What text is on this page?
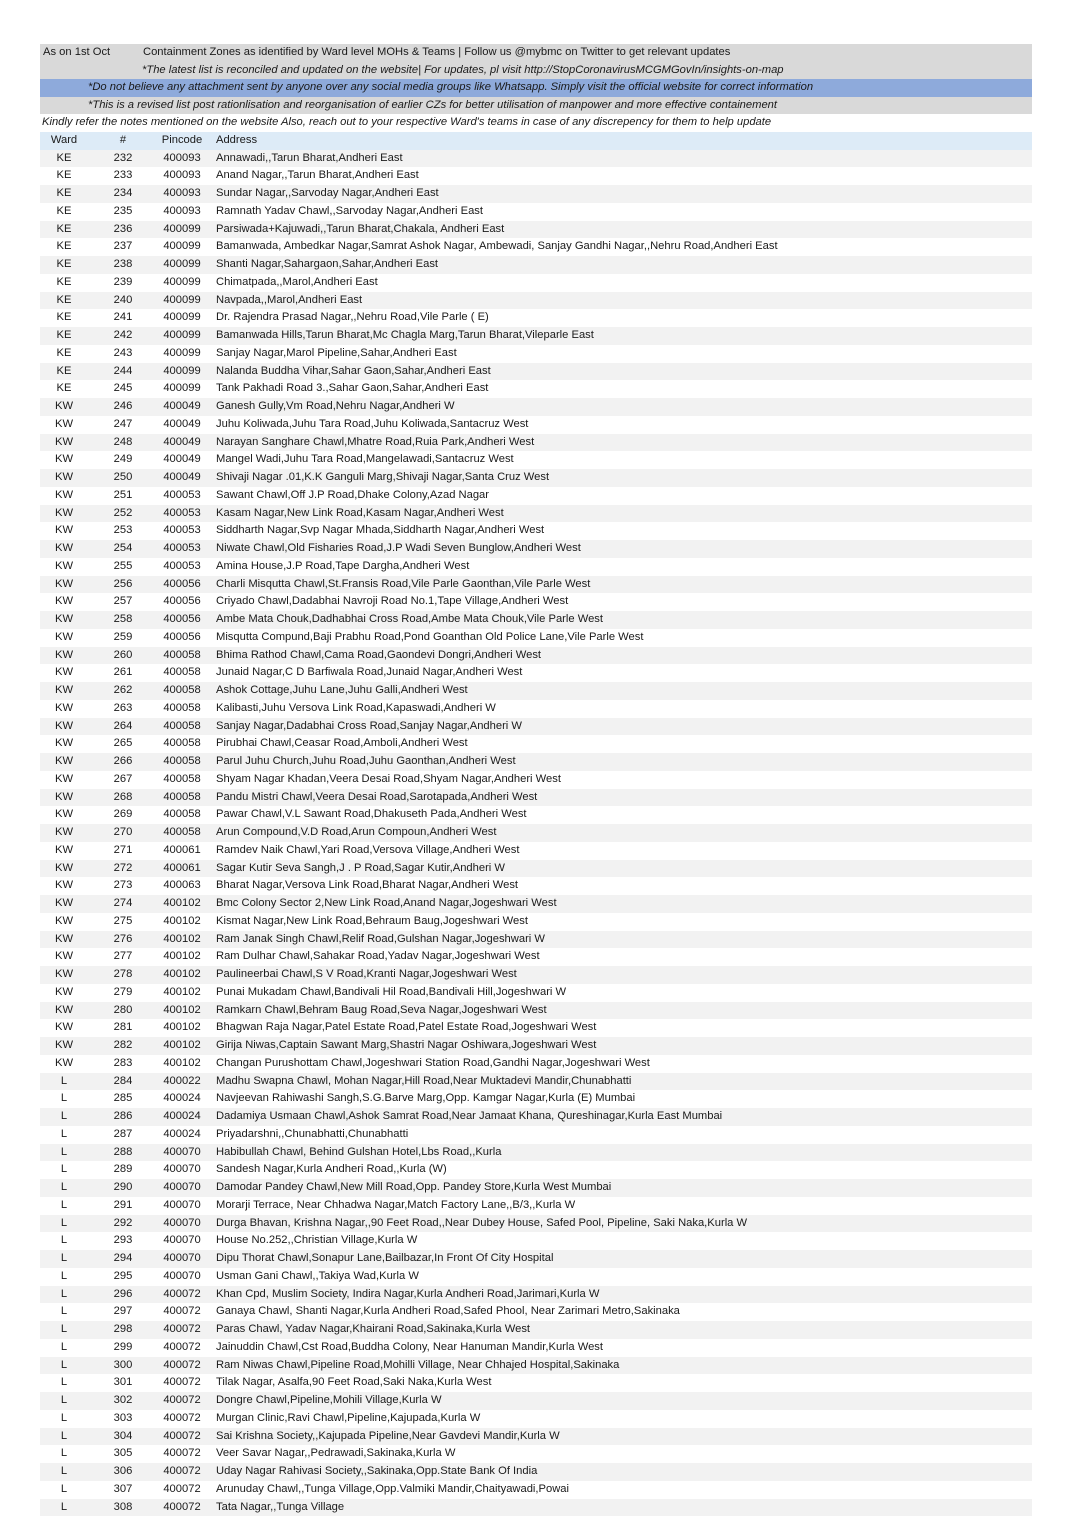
As on 1st Oct	Containment Zones as identified by Ward level MOHs & Teams | Follow us @mybmc on Twitter to get relevant updates
*The latest list is reconciled and updated on the website| For updates, pl visit http://StopCoronavirusMCGMGovIn/insights-on-map
*Do not believe any attachment sent by anyone over any social media groups like Whatsapp. Simply visit the official website for correct information
*This is a revised list post rationlisation and reorganisation of earlier CZs for better utilisation of manpower and more effective containement
Kindly refer the notes mentioned on the website Also, reach out to your respective Ward's teams in case of any discrepency for them to help update
Ward	#	Pincode	Address
KE	232	400093	Annawadi,,Tarun Bharat,Andheri East
KE	233	400093	Anand Nagar,,Tarun Bharat,Andheri East
KE	234	400093	Sundar Nagar,,Sarvoday Nagar,Andheri East
KE	235	400093	Ramnath Yadav Chawl,,Sarvoday Nagar,Andheri East
KE	236	400099	Parsiwada+Kajuwadi,,Tarun Bharat,Chakala, Andheri East
KE	237	400099	Bamanwada, Ambedkar Nagar,Samrat Ashok Nagar, Ambewadi, Sanjay Gandhi Nagar,,Nehru Road,Andheri East
KE	238	400099	Shanti Nagar,Sahargaon,Sahar,Andheri East
KE	239	400099	Chimatpada,,Marol,Andheri East
KE	240	400099	Navpada,,Marol,Andheri East
KE	241	400099	Dr. Rajendra Prasad Nagar,,Nehru Road,Vile Parle ( E)
KE	242	400099	Bamanwada Hills,Tarun Bharat,Mc Chagla Marg,Tarun Bharat,Vileparle East
KE	243	400099	Sanjay Nagar,Marol Pipeline,Sahar,Andheri East
KE	244	400099	Nalanda Buddha Vihar,Sahar Gaon,Sahar,Andheri East
KE	245	400099	Tank Pakhadi Road 3.,Sahar Gaon,Sahar,Andheri East
KW	246	400049	Ganesh Gully,Vm Road,Nehru Nagar,Andheri W
KW	247	400049	Juhu Koliwada,Juhu Tara Road,Juhu Koliwada,Santacruz West
KW	248	400049	Narayan Sanghare Chawl,Mhatre Road,Ruia Park,Andheri West
KW	249	400049	Mangel Wadi,Juhu Tara Road,Mangelawadi,Santacruz West
KW	250	400049	Shivaji Nagar .01,K.K Ganguli Marg,Shivaji Nagar,Santa Cruz West
KW	251	400053	Sawant Chawl,Off J.P Road,Dhake Colony,Azad Nagar
KW	252	400053	Kasam Nagar,New Link Road,Kasam Nagar,Andheri West
KW	253	400053	Siddharth Nagar,Svp Nagar Mhada,Siddharth Nagar,Andheri West
KW	254	400053	Niwate Chawl,Old Fisharies Road,J.P Wadi Seven Bunglow,Andheri West
KW	255	400053	Amina House,J.P Road,Tape Dargha,Andheri West
KW	256	400056	Charli Misqutta Chawl,St.Fransis Road,Vile Parle Gaonthan,Vile Parle West
KW	257	400056	Criyado Chawl,Dadabhai Navroji Road No.1,Tape Village,Andheri West
KW	258	400056	Ambe Mata Chouk,Dadhabhai Cross Road,Ambe Mata Chouk,Vile Parle West
KW	259	400056	Misqutta Compund,Baji Prabhu Road,Pond Goanthan Old Police Lane,Vile Parle West
KW	260	400058	Bhima Rathod Chawl,Cama Road,Gaondevi Dongri,Andheri West
KW	261	400058	Junaid Nagar,C D Barfiwala Road,Junaid Nagar,Andheri West
KW	262	400058	Ashok Cottage,Juhu Lane,Juhu Galli,Andheri West
KW	263	400058	Kalibasti,Juhu Versova Link Road,Kapaswadi,Andheri W
KW	264	400058	Sanjay Nagar,Dadabhai Cross Road,Sanjay Nagar,Andheri W
KW	265	400058	Pirubhai Chawl,Ceasar Road,Amboli,Andheri West
KW	266	400058	Parul Juhu Church,Juhu Road,Juhu Gaonthan,Andheri West
KW	267	400058	Shyam Nagar Khadan,Veera Desai Road,Shyam Nagar,Andheri West
KW	268	400058	Pandu Mistri Chawl,Veera Desai Road,Sarotapada,Andheri West
KW	269	400058	Pawar Chawl,V.L Sawant Road,Dhakuseth Pada,Andheri West
KW	270	400058	Arun Compound,V.D Road,Arun Compoun,Andheri West
KW	271	400061	Ramdev Naik Chawl,Yari Road,Versova Village,Andheri West
KW	272	400061	Sagar Kutir Seva Sangh,J . P Road,Sagar Kutir,Andheri W
KW	273	400063	Bharat Nagar,Versova Link Road,Bharat Nagar,Andheri West
KW	274	400102	Bmc Colony Sector 2,New Link Road,Anand Nagar,Jogeshwari West
KW	275	400102	Kismat Nagar,New Link Road,Behraum Baug,Jogeshwari West
KW	276	400102	Ram Janak Singh Chawl,Relif Road,Gulshan Nagar,Jogeshwari W
KW	277	400102	Ram Dulhar Chawl,Sahakar Road,Yadav Nagar,Jogeshwari West
KW	278	400102	Paulineerbai Chawl,S V Road,Kranti Nagar,Jogeshwari West
KW	279	400102	Punai Mukadam Chawl,Bandivali Hil Road,Bandivali Hill,Jogeshwari W
KW	280	400102	Ramkarn Chawl,Behram Baug Road,Seva Nagar,Jogeshwari West
KW	281	400102	Bhagwan Raja Nagar,Patel Estate Road,Patel Estate Road,Jogeshwari West
KW	282	400102	Girija Niwas,Captain Sawant Marg,Shastri Nagar Oshiwara,Jogeshwari West
KW	283	400102	Changan Purushottam Chawl,Jogeshwari Station Road,Gandhi Nagar,Jogeshwari West
L	284	400022	Madhu Swapna Chawl, Mohan Nagar,Hill Road,Near Muktadevi Mandir,Chunabhatti
L	285	400024	Navjeevan Rahiwashi Sangh,S.G.Barve Marg,Opp. Kamgar Nagar,Kurla (E) Mumbai
L	286	400024	Dadamiya Usmaan Chawl,Ashok Samrat Road,Near Jamaat Khana, Qureshinagar,Kurla East Mumbai
L	287	400024	Priyadarshni,,Chunabhatti,Chunabhatti
L	288	400070	Habibullah Chawl, Behind Gulshan Hotel,Lbs Road,,Kurla
L	289	400070	Sandesh Nagar,Kurla Andheri Road,,Kurla (W)
L	290	400070	Damodar Pandey Chawl,New Mill Road,Opp. Pandey Store,Kurla West Mumbai
L	291	400070	Morarji Terrace, Near Chhadwa Nagar,Match Factory Lane,,B/3,,Kurla W
L	292	400070	Durga Bhavan, Krishna Nagar,,90 Feet Road,,Near Dubey House, Safed Pool, Pipeline, Saki Naka,Kurla W
L	293	400070	House No.252,,Christian Village,Kurla W
L	294	400070	Dipu Thorat Chawl,Sonapur Lane,Bailbazar,In Front Of City Hospital
L	295	400070	Usman Gani Chawl,,Takiya Wad,Kurla W
L	296	400072	Khan Cpd, Muslim Society, Indira Nagar,Kurla Andheri Road,Jarimari,Kurla W
L	297	400072	Ganaya Chawl, Shanti Nagar,Kurla Andheri Road,Safed Phool, Near Zarimari Metro,Sakinaka
L	298	400072	Paras Chawl, Yadav Nagar,Khairani Road,Sakinaka,Kurla West
L	299	400072	Jainuddin Chawl,Cst Road,Buddha Colony, Near Hanuman Mandir,Kurla West
L	300	400072	Ram Niwas Chawl,Pipeline Road,Mohilli Village, Near Chhajed Hospital,Sakinaka
L	301	400072	Tilak Nagar, Asalfa,90 Feet Road,Saki Naka,Kurla West
L	302	400072	Dongre Chawl,Pipeline,Mohili Village,Kurla W
L	303	400072	Murgan Clinic,Ravi Chawl,Pipeline,Kajupada,Kurla W
L	304	400072	Sai Krishna Society,,Kajupada Pipeline,Near Gavdevi Mandir,Kurla W
L	305	400072	Veer Savar Nagar,,Pedrawadi,Sakinaka,Kurla W
L	306	400072	Uday Nagar Rahivasi Society,,Sakinaka,Opp.State Bank Of India
L	307	400072	Arunuday Chawl,,Tunga Village,Opp.Valmiki Mandir,Chaityawadi,Powai
L	308	400072	Tata Nagar,,Tunga Village
